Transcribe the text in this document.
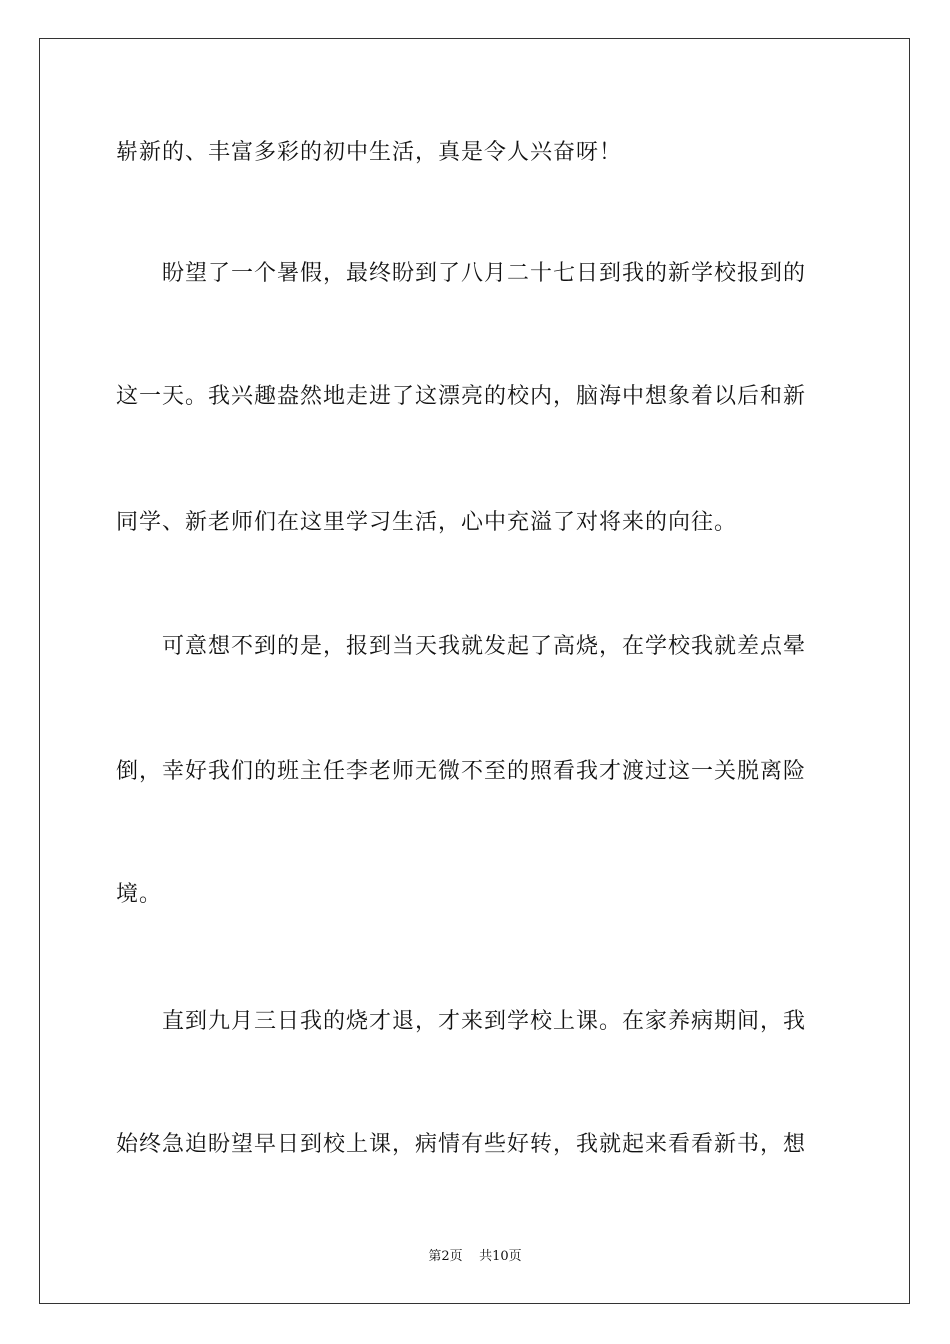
崭新的、丰富多彩的初中生活，真是令人兴奋呀！
　　盼望了一个暑假，最终盼到了八月二十七日到我的新学校报到的
这一天。我兴趣盎然地走进了这漂亮的校内，脑海中想象着以后和新
同学、新老师们在这里学习生活，心中充溢了对将来的向往。
　　可意想不到的是，报到当天我就发起了高烧，在学校我就差点晕
倒，幸好我们的班主任李老师无微不至的照看我才渡过这一关脱离险
境。
　　直到九月三日我的烧才退，才来到学校上课。在家养病期间，我
始终急迫盼望早日到校上课，病情有些好转，我就起来看看新书，想
第2页 共10页
